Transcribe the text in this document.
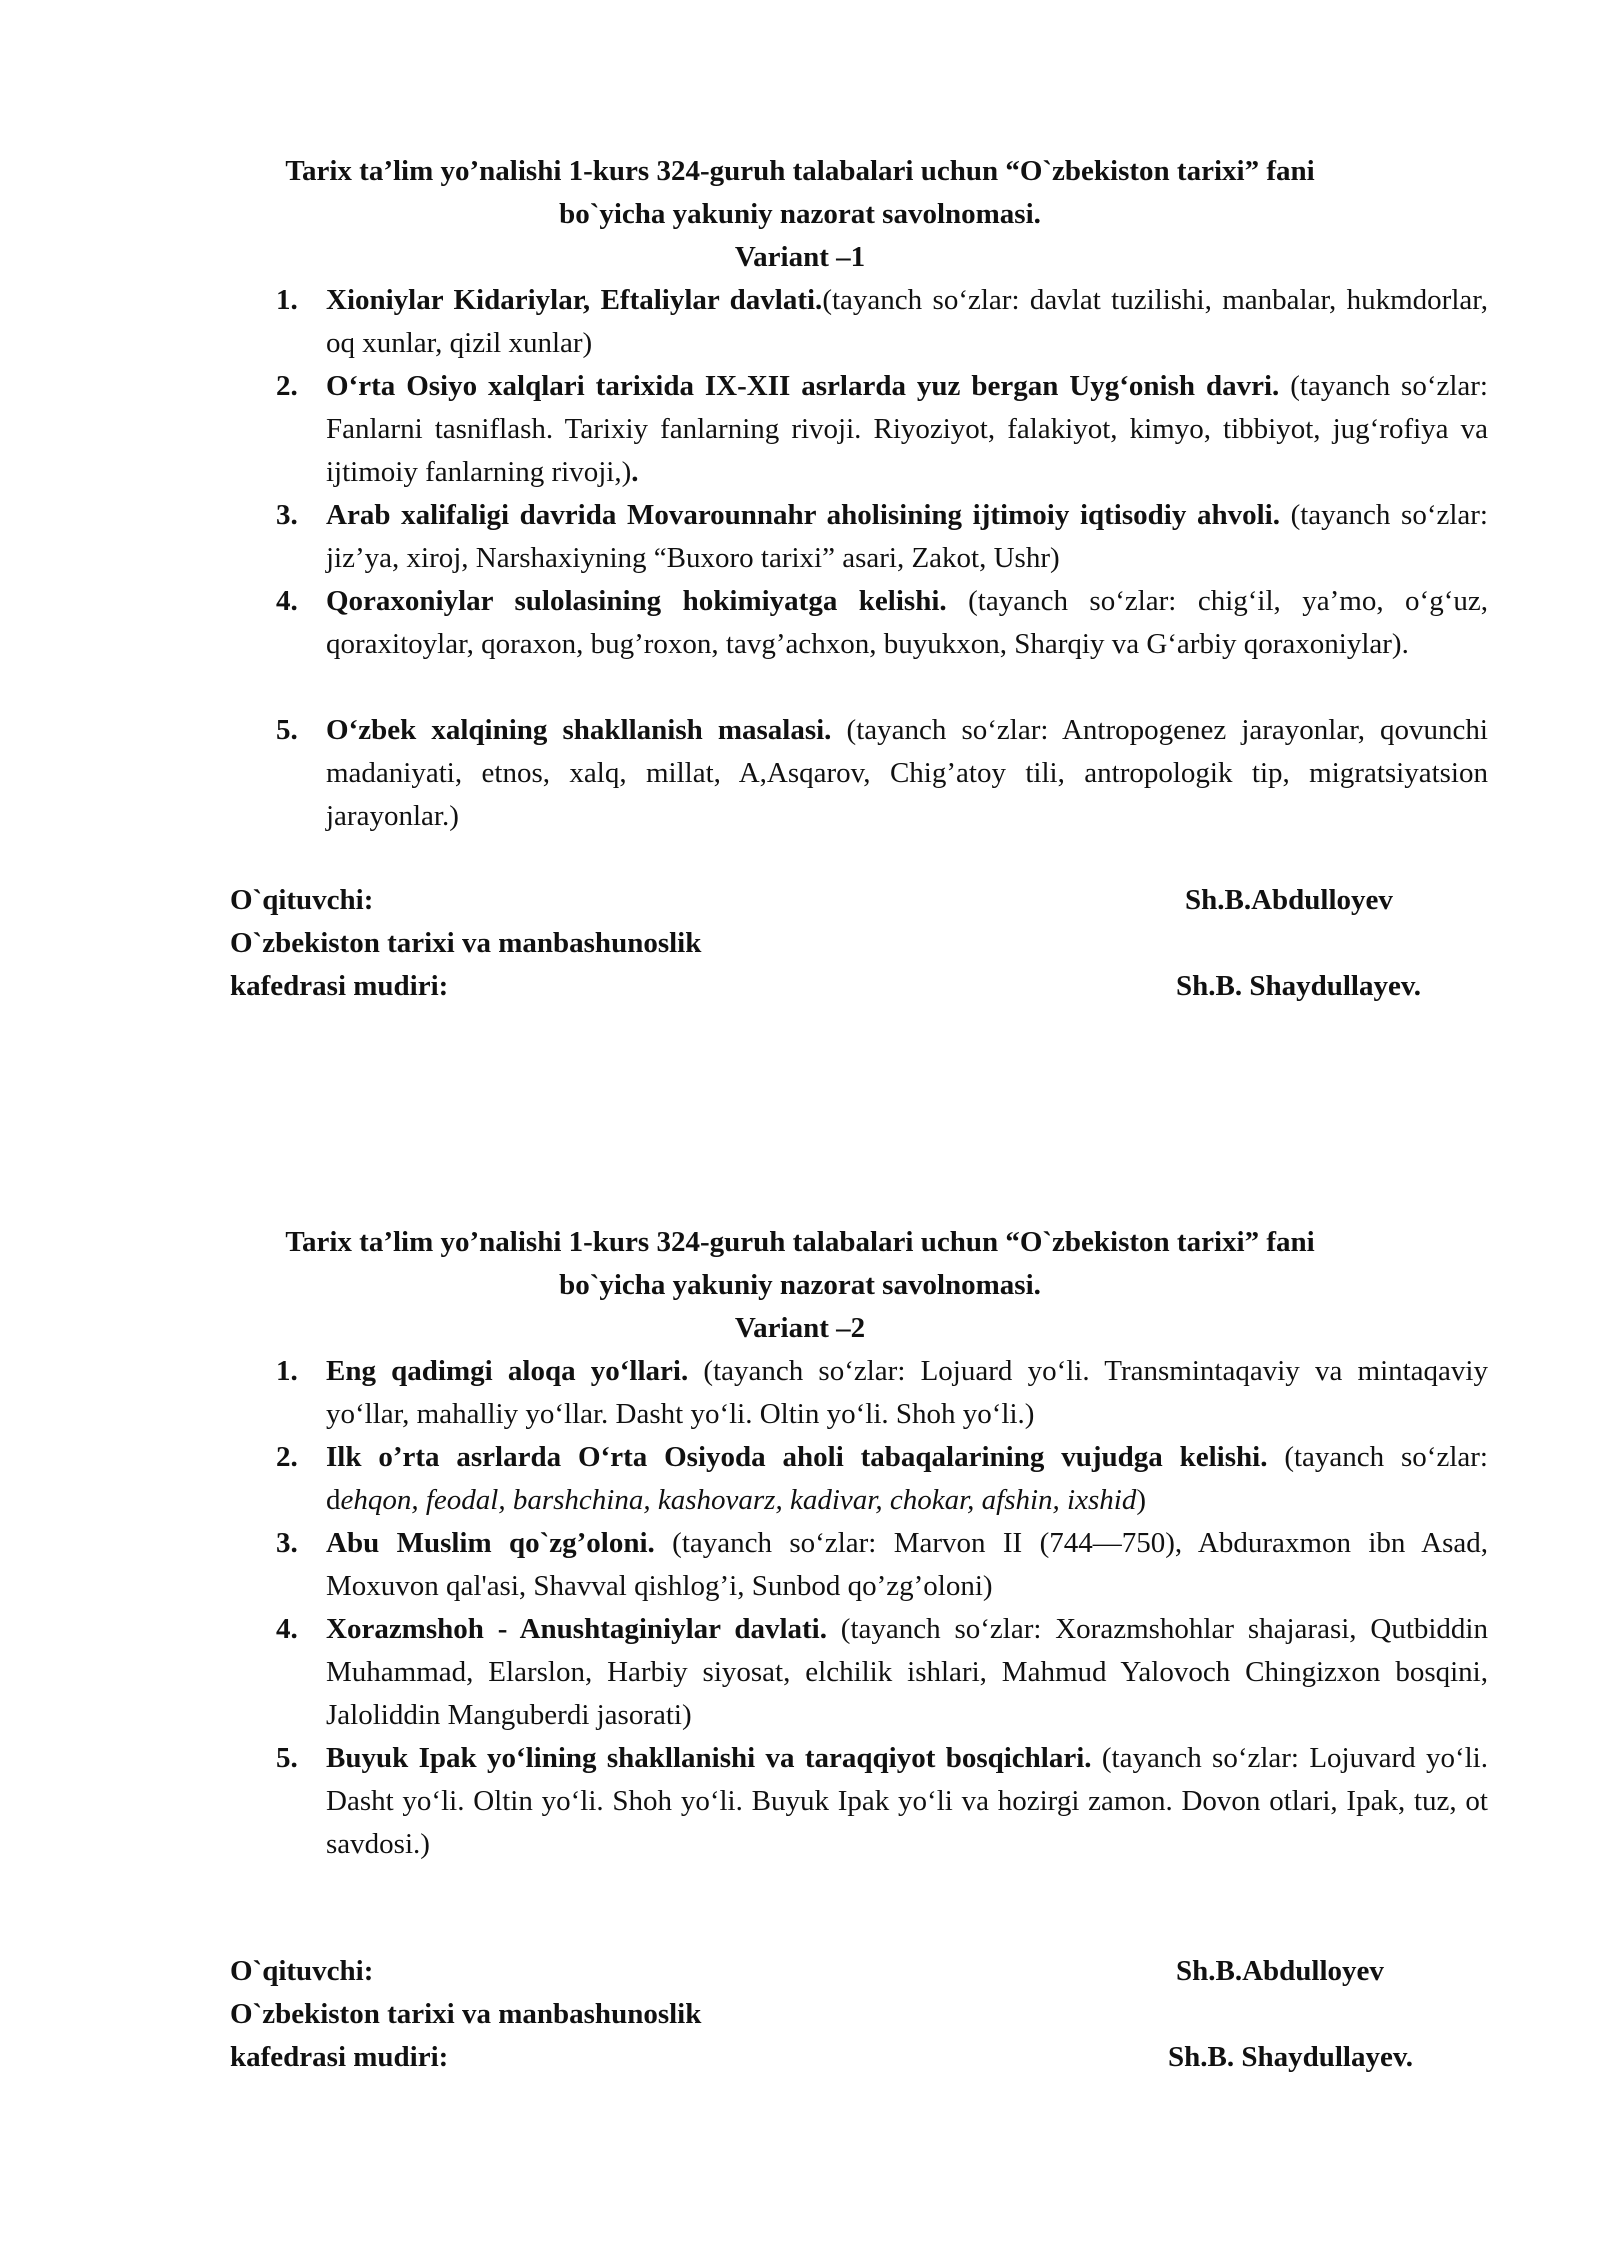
Tarix ta’lim yo’nalishi 1-kurs 324-guruh talabalari uchun “O`zbekiston tarixi” fani
bo`yicha yakuniy nazorat savolnomasi.
Variant –1
1. Xioniylar Kidariylar, Eftaliylar davlati.(tayanch so‘zlar: davlat tuzilishi, manbalar, hukmdorlar, oq xunlar, qizil xunlar)
2. O‘rta Osiyo xalqlari tarixida IX-XII asrlarda yuz bergan Uyg‘onish davri. (tayanch so‘zlar: Fanlarni tasniflash. Tarixiy fanlarning rivoji. Riyoziyot, falakiyot, kimyo, tibbiyot, jug‘rofiya va ijtimoiy fanlarning rivoji,).
3. Arab xalifaligi davrida Movarounnahr aholisining ijtimoiy iqtisodiy ahvoli. (tayanch so‘zlar: jiz’ya, xiroj, Narshaxiyning “Buxoro tarixi” asari, Zakot, Ushr)
4. Qoraxoniylar sulolasining hokimiyatga kelishi. (tayanch so‘zlar: chig‘il, ya’mo, o‘g‘uz, qoraxitoylar, qoraxon, bug’roxon, tavg’achxon, buyukxon, Sharqiy va G‘arbiy qoraxoniylar).
5. O‘zbek xalqining shakllanish masalasi. (tayanch so‘zlar: Antropogenez jarayonlar, qovunchi madaniyati, etnos, xalq, millat, A,Asqarov, Chig’atoy tili, antropologik tip, migratsiyatsion jarayonlar.)
O`qituvchi:	Sh.B.Abdulloyev
O`zbekiston tarixi va manbashunoslik
kafedrasi mudiri:	Sh.B. Shaydullayev.
Tarix ta’lim yo’nalishi 1-kurs 324-guruh talabalari uchun “O`zbekiston tarixi” fani
bo`yicha yakuniy nazorat savolnomasi.
Variant –2
1. Eng qadimgi aloqa yo‘llari. (tayanch so‘zlar: Lojuard yo‘li. Transmintaqaviy va mintaqaviy yo‘llar, mahalliy yo‘llar. Dasht yo‘li. Oltin yo‘li. Shoh yo‘li.)
2. Ilk o’rta asrlarda O‘rta Osiyoda aholi tabaqalarining vujudga kelishi. (tayanch so‘zlar: dehqon, feodal, barshchina, kashovarz, kadivar, chokar, afshin, ixshid)
3. Abu Muslim qo`zg’oloni. (tayanch so‘zlar: Marvon II (744—750), Abduraxmon ibn Asad, Moxuvon qal'asi, Shavval qishlog’i, Sunbod qo’zg’oloni)
4. Xorazmshoh - Anushtaginiylar davlati. (tayanch so‘zlar: Xorazmshohlar shajarasi, Qutbiddin Muhammad, Elarslon, Harbiy siyosat, elchilik ishlari, Mahmud Yalovoch Chingizxon bosqini, Jaloliddin Manguberdi jasorati)
5. Buyuk Ipak yo‘lining shakllanishi va taraqqiyot bosqichlari. (tayanch so‘zlar: Lojuvard yo‘li. Dasht yo‘li. Oltin yo‘li. Shoh yo‘li. Buyuk Ipak yo‘li va hozirgi zamon. Dovon otlari, Ipak, tuz, ot savdosi.)
O`qituvchi:	Sh.B.Abdulloyev
O`zbekiston tarixi va manbashunoslik
kafedrasi mudiri:	Sh.B. Shaydullayev.
